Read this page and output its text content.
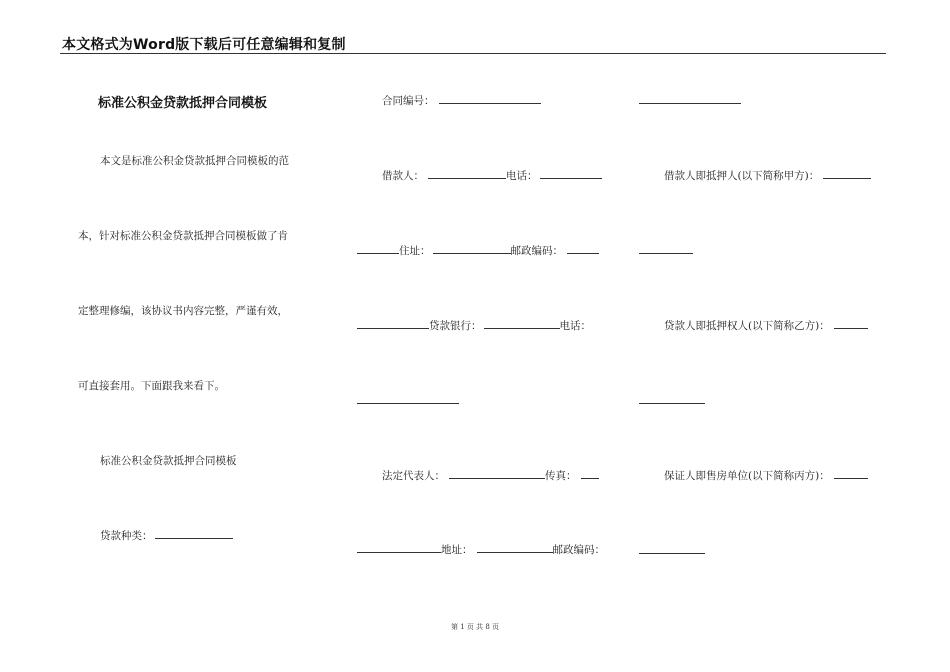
本文格式为Word版下载后可任意编辑和复制
标准公积金贷款抵押合同模板
本文是标准公积金贷款抵押合同模板的范
本，针对标准公积金贷款抵押合同模板做了肯
定整理修编，该协议书内容完整，严谨有效，
可直接套用。下面跟我来看下。
标准公积金贷款抵押合同模板
贷款种类：
合同编号：
借款人：	电话：
住址：	邮政编码：
贷款银行：	电话：
法定代表人：	传真：
地址：	邮政编码：
借款人即抵押人(以下简称甲方)：
贷款人即抵押权人(以下简称乙方)：
保证人即售房单位(以下简称丙方)：
第 1 页 共 8 页
